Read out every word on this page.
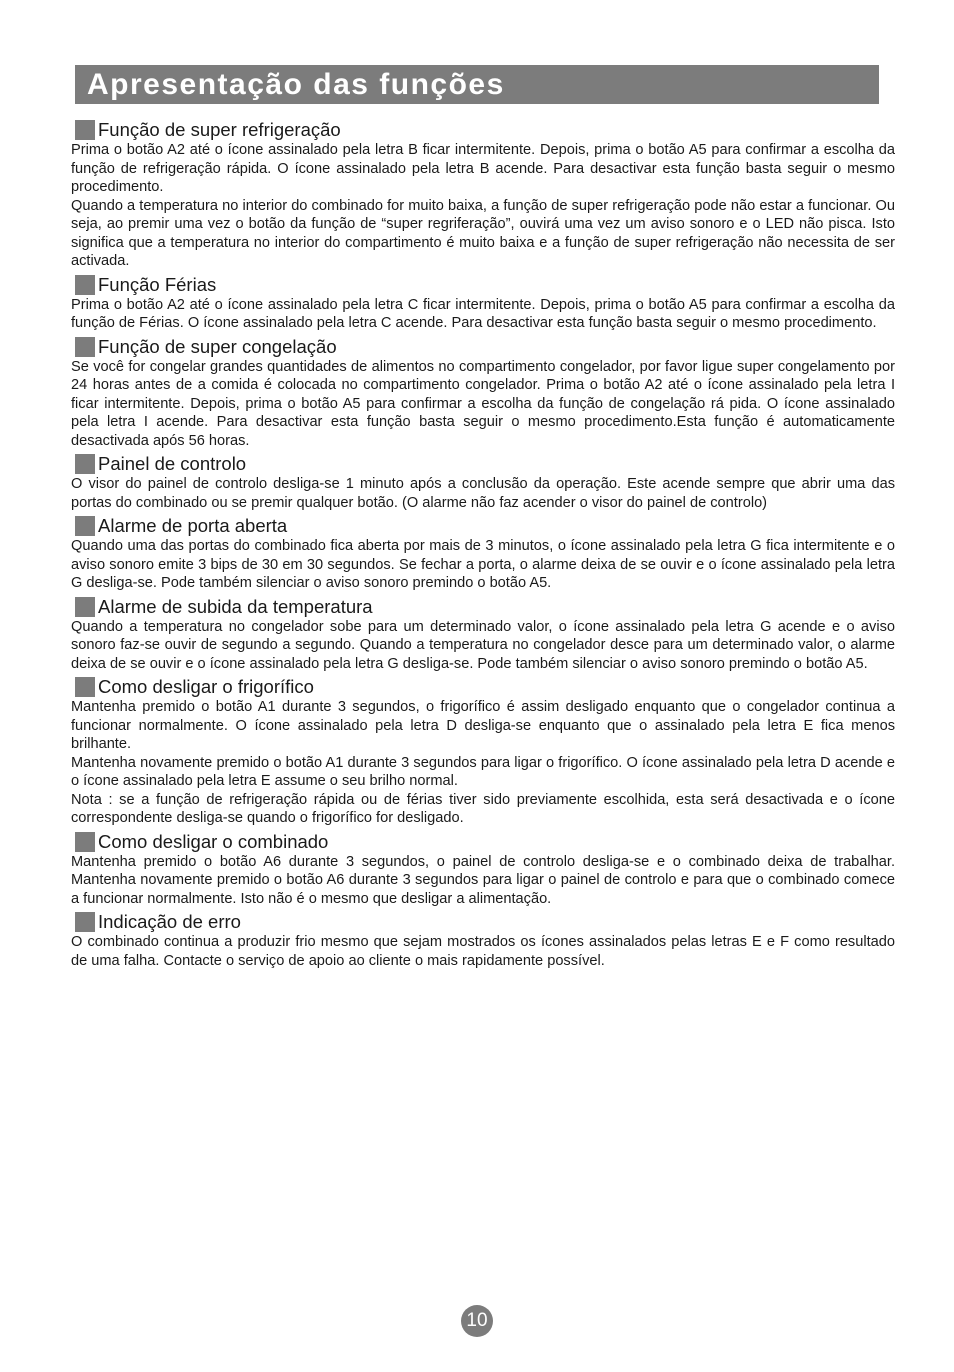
Apresentação das funções
Função de super refrigeração

Prima o botão A2 até o ícone assinalado pela letra B ficar intermitente. Depois, prima o botão A5 para confirmar a escolha da função de refrigeração rápida. O ícone assinalado pela letra B acende. Para desactivar esta função basta seguir o mesmo procedimento.

Quando a temperatura no interior do combinado for muito baixa, a função de super refrigeração pode não estar a funcionar. Ou seja, ao premir uma vez o botão da função de “super regriferação”, ouvirá uma vez um aviso sonoro e o LED não pisca. Isto significa que a temperatura no interior do compartimento é muito baixa e a função de super refrigeração não necessita de ser activada.

Função Férias

Prima o botão A2 até o ícone assinalado pela letra C ficar intermitente. Depois, prima o botão A5 para confirmar a escolha da função de Férias. O ícone assinalado pela letra C acende. Para desactivar esta função basta seguir o mesmo procedimento.

Função de super congelação

Se você for congelar grandes quantidades de alimentos no compartimento congelador, por favor ligue super congelamento por 24 horas antes de a comida é colocada no compartimento congelador. Prima o botão A2 até o ícone assinalado pela letra I ficar intermitente. Depois, prima o botão A5 para confirmar a escolha da função de congelação rá pida. O ícone assinalado pela letra I acende. Para desactivar esta função basta seguir o mesmo procedimento.Esta função é automaticamente desactivada após 56 horas.

Painel de controlo

O visor do painel de controlo desliga-se 1 minuto após a conclusão da operação. Este acende sempre que abrir uma das portas do combinado ou se premir qualquer botão. (O alarme não faz acender o visor do painel de controlo)

Alarme de porta aberta

Quando uma das portas do combinado fica aberta por mais de 3 minutos, o ícone assinalado pela letra G fica intermitente e o aviso sonoro emite 3 bips de 30 em 30 segundos. Se fechar a porta, o alarme deixa de se ouvir e o ícone assinalado pela letra G desliga-se. Pode também silenciar o aviso sonoro premindo o botão A5.

Alarme de subida da temperatura

Quando a temperatura no congelador sobe para um determinado valor, o ícone assinalado pela letra G acende e o aviso sonoro faz-se ouvir de segundo a segundo. Quando a temperatura no congelador desce para um determinado valor, o alarme deixa de se ouvir e o ícone assinalado pela letra G desliga-se. Pode também silenciar o aviso sonoro premindo o botão A5.

Como desligar o frigorífico

Mantenha premido o botão A1 durante 3 segundos, o frigorífico é assim desligado enquanto que o congelador continua a funcionar normalmente. O ícone assinalado pela letra D desliga-se enquanto que o assinalado pela letra E fica menos brilhante.

Mantenha novamente premido o botão A1 durante 3 segundos para ligar o frigorífico. O ícone assinalado pela letra D acende e o ícone assinalado pela letra E assume o seu brilho normal.

Nota : se a função de refrigeração rápida ou de férias tiver sido previamente escolhida, esta será desactivada e o ícone correspondente desliga-se quando o frigorífico for desligado.

Como desligar o combinado

Mantenha premido o botão A6 durante 3 segundos, o painel de controlo desliga-se e o combinado deixa de trabalhar. Mantenha novamente premido o botão A6 durante 3 segundos para ligar o painel de controlo e para que o combinado comece a funcionar normalmente. Isto não é o mesmo que desligar a alimentação.

Indicação de erro

O combinado continua a produzir frio mesmo que sejam mostrados os ícones assinalados pelas letras E e F como resultado de uma falha. Contacte o serviço de apoio ao cliente o mais rapidamente possível.

10
